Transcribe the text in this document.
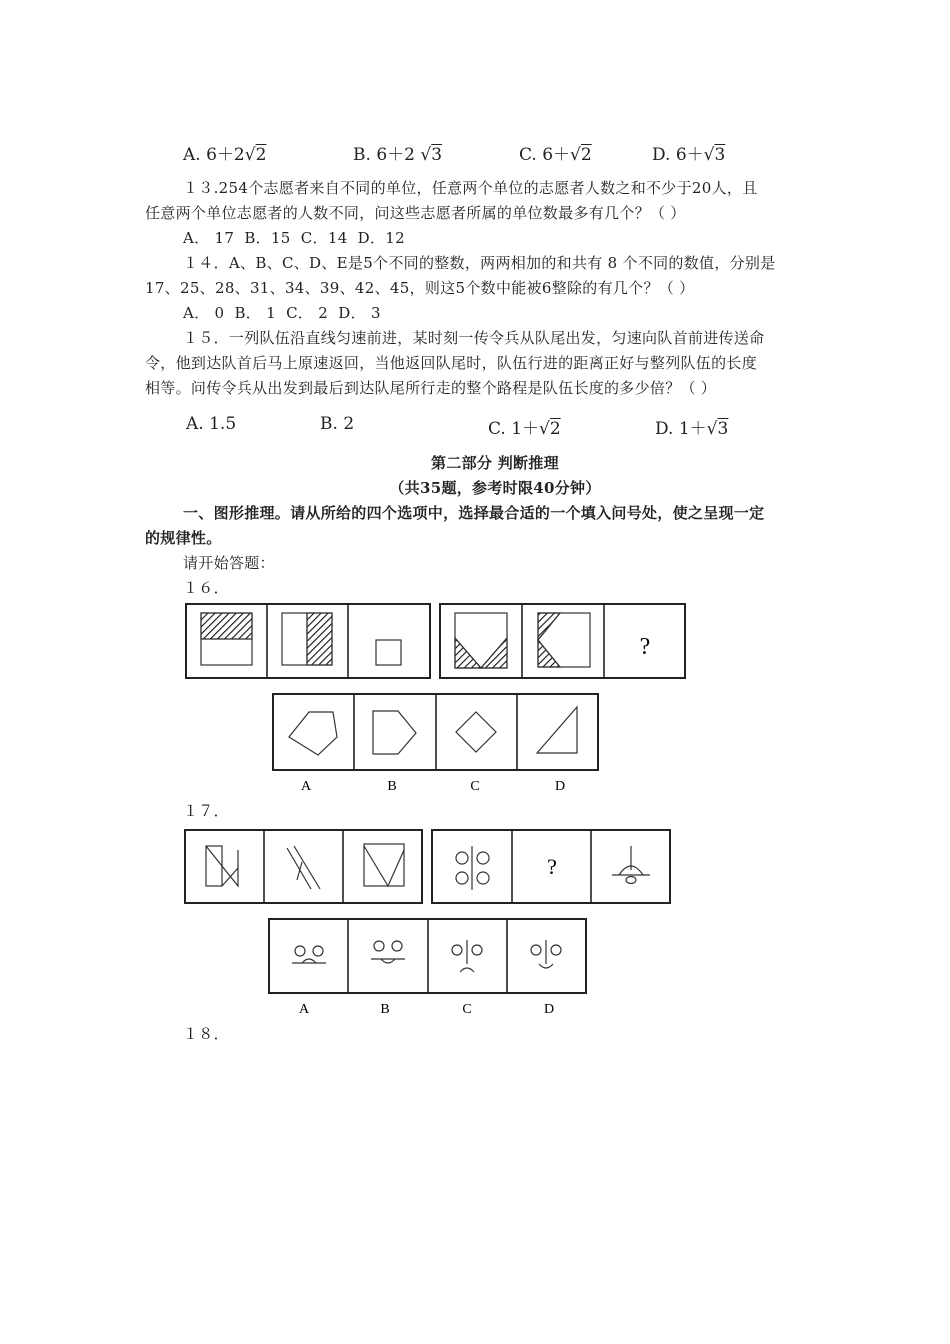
A. 6＋2√2	B. 6＋2 √3	C. 6＋√2	D. 6＋√3
１３.254个志愿者来自不同的单位，任意两个单位的志愿者人数之和不少于20人，且
任意两个单位志愿者的人数不同，问这些志愿者所属的单位数最多有几个？（ ）
A． 17  B．15  C．14  D．12
１４．A、B、C、D、E是5个不同的整数，两两相加的和共有 8 个不同的数值，分别是
17、25、28、31、34、39、42、45，则这5个数中能被6整除的有几个？（ ）
A． 0  B． 1  C． 2  D． 3
１５．一列队伍沿直线匀速前进，某时刻一传令兵从队尾出发，匀速向队首前进传送命
令，他到达队首后马上原速返回，当他返回队尾时，队伍行进的距离正好与整列队伍的长度
相等。问传令兵从出发到最后到达队尾所行走的整个路程是队伍长度的多少倍？（ ）
A. 1.5	B. 2	C. 1＋√2	D. 1＋√3
第二部分 判断推理
（共35题，参考时限40分钟）
一、图形推理。请从所给的四个选项中，选择最合适的一个填入问号处，使之呈现一定
的规律性。
请开始答题：
１６．
?
A	B	C	D
?
A	B	C	D
１７．
１８．
